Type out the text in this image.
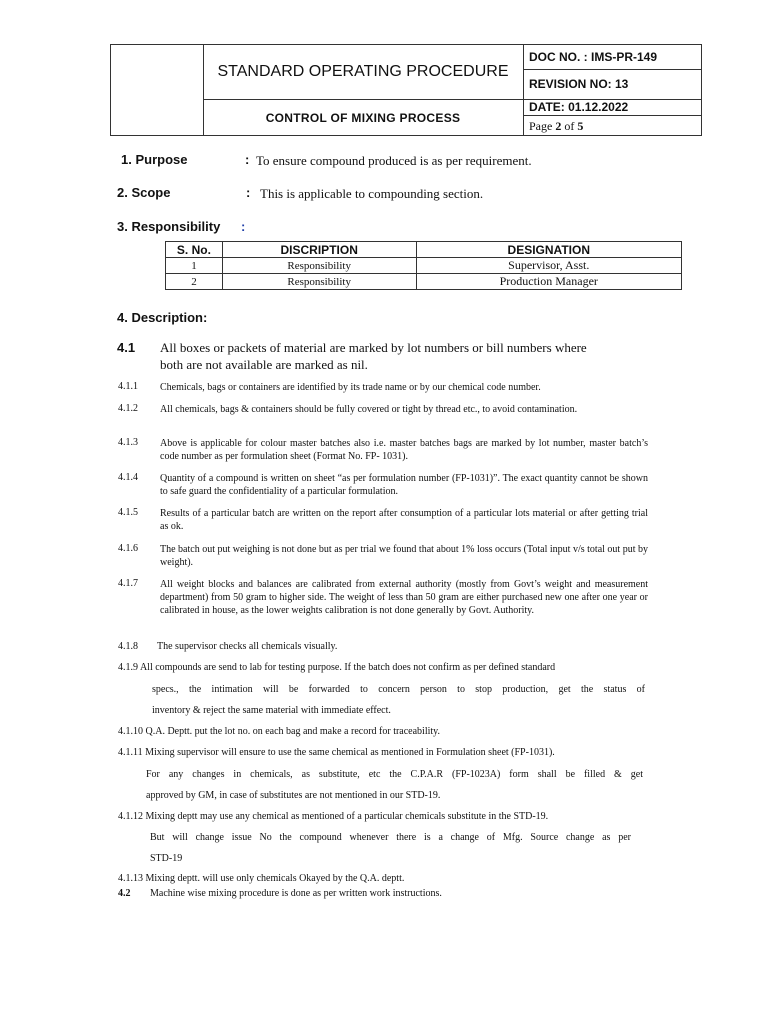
STANDARD OPERATING PROCEDURE
CONTROL OF MIXING PROCESS
DOC NO. : IMS-PR-149
REVISION NO: 13
DATE: 01.12.2022
Page 2 of 5
1. Purpose	: To ensure compound produced is as per requirement.
2. Scope	: This is applicable to compounding section.
3. Responsibility :
S. No.	DISCRIPTION	DESIGNATION
1	Responsibility	Supervisor, Asst.
2	Responsibility	Production Manager
4. Description:
4.1 All boxes or packets of material are marked by lot numbers or bill numbers where
both are not available are marked as nil.
4.1.1 Chemicals, bags or containers are identified by its trade name or by our chemical code number.
4.1.2 All chemicals, bags & containers should be fully covered or tight by thread etc., to avoid contamination.
4.1.3 Above is applicable for colour master batches also i.e. master batches bags are marked by lot number, master batch’s code number as per formulation sheet (Format No. FP- 1031).
4.1.4 Quantity of a compound is written on sheet “as per formulation number (FP-1031)”. The exact quantity cannot be shown to safe guard the confidentiality of a particular formulation.
4.1.5 Results of a particular batch are written on the report after consumption of a particular lots material or after getting trial as ok.
4.1.6 The batch out put weighing is not done but as per trial we found that about 1% loss occurs (Total input v/s total out put by weight).
4.1.7 All weight blocks and balances are calibrated from external authority (mostly from Govt’s weight and measurement department) from 50 gram to higher side. The weight of less than 50 gram are either purchased new one after one year or calibrated in house, as the lower weights calibration is not done generally by Govt. Authority.
4.1.8 The supervisor checks all chemicals visually.
4.1.9 All compounds are send to lab for testing purpose. If the batch does not confirm as per defined standard
specs., the intimation will be forwarded to concern person to stop production, get the status of
inventory & reject the same material with immediate effect.
4.1.10 Q.A. Deptt. put the lot no. on each bag and make a record for traceability.
4.1.11 Mixing supervisor will ensure to use the same chemical as mentioned in Formulation sheet (FP-1031).
For any changes in chemicals, as substitute, etc the C.P.A.R (FP-1023A) form shall be filled & get
approved by GM, in case of substitutes are not mentioned in our STD-19.
4.1.12 Mixing deptt may use any chemical as mentioned of a particular chemicals substitute in the STD-19.
But will change issue No the compound whenever there is a change of Mfg. Source change as per
STD-19
4.1.13 Mixing deptt. will use only chemicals Okayed by the Q.A. deptt.
4.2 Machine wise mixing procedure is done as per written work instructions.
